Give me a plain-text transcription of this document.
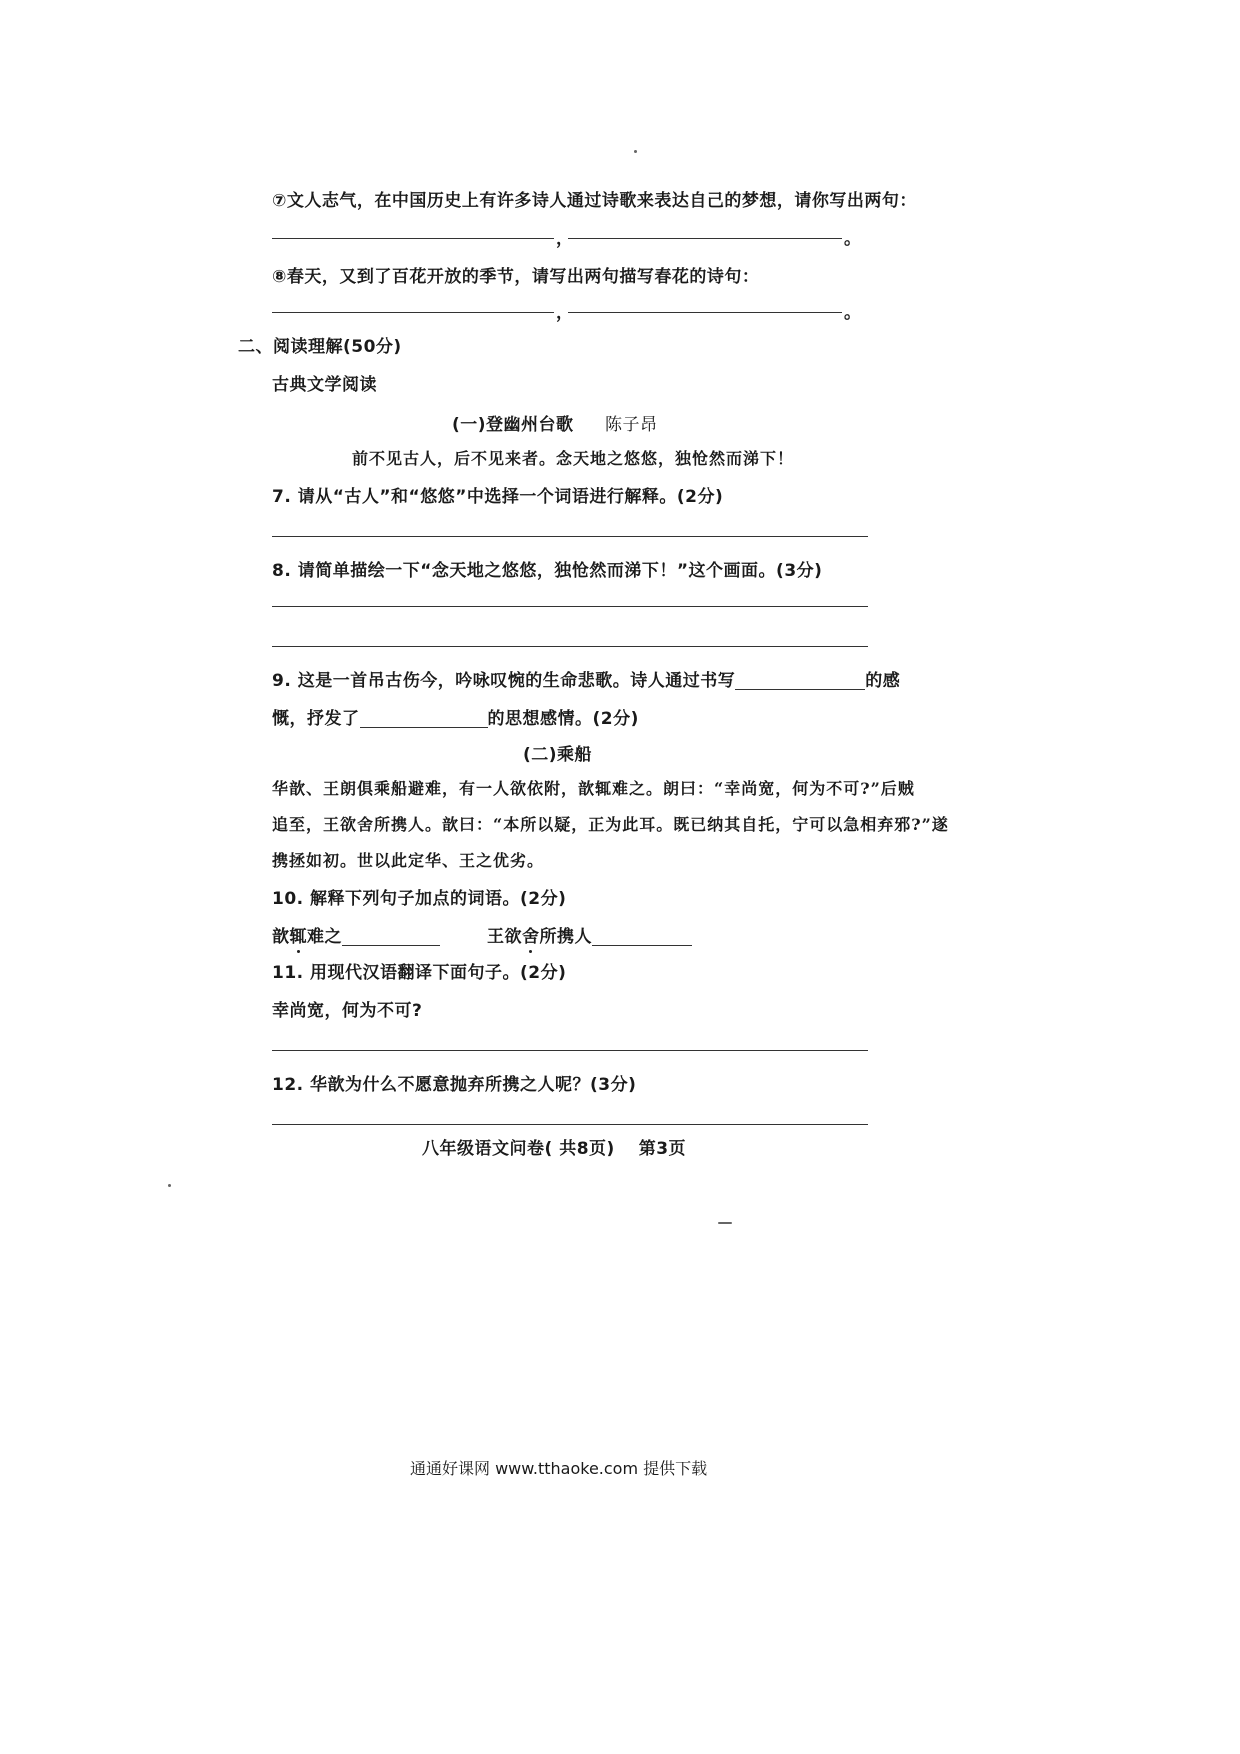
⑦文人志气，在中国历史上有许多诗人通过诗歌来表达自己的梦想，请你写出两句：
，	。
⑧春天，又到了百花开放的季节，请写出两句描写春花的诗句：
，	。
二、阅读理解(50分)
古典文学阅读
(一)登幽州台歌 陈子昂
前不见古人，后不见来者。念天地之悠悠，独怆然而涕下！
7. 请从“古人”和“悠悠”中选择一个词语进行解释。(2分)
8. 请简单描绘一下“念天地之悠悠，独怆然而涕下！”这个画面。(3分)
9. 这是一首吊古伤今，吟咏叹惋的生命悲歌。诗人通过书写	的感
慨，抒发了	的思想感情。(2分)
(二)乘船
华歆、王朗俱乘船避难，有一人欲依附，歆辄难之。朗曰：“幸尚宽，何为不可?”后贼
追至，王欲舍所携人。歆曰：“本所以疑，正为此耳。既已纳其自托，宁可以急相弃邪?”遂
携拯如初。世以此定华、王之优劣。
10. 解释下列句子加点的词语。(2分)
歆辄难之	王欲舍所携人
11. 用现代汉语翻译下面句子。(2分)
幸尚宽，何为不可?
12. 华歆为什么不愿意抛弃所携之人呢？(3分)
八年级语文问卷( 共8页)　 第3页
通通好课网 www.tthaoke.com 提供下载
